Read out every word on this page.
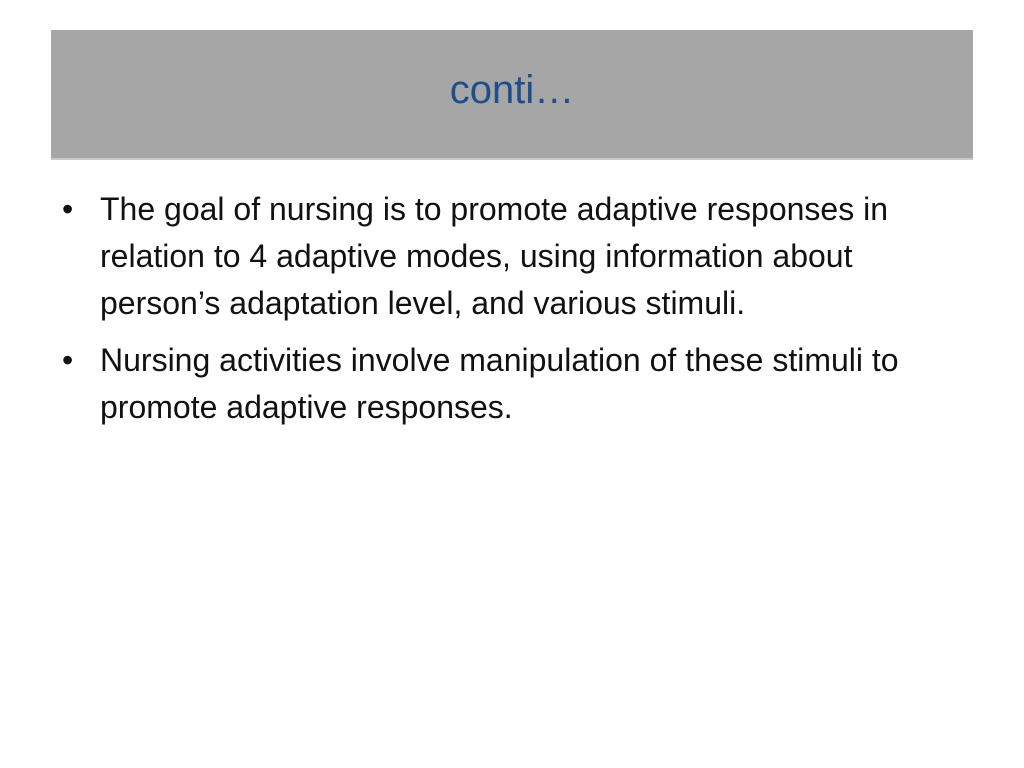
conti…
• The goal of nursing is to promote adaptive responses in relation to 4 adaptive modes, using information about person’s adaptation level, and various stimuli.
• Nursing activities involve manipulation of these stimuli to promote adaptive responses.
